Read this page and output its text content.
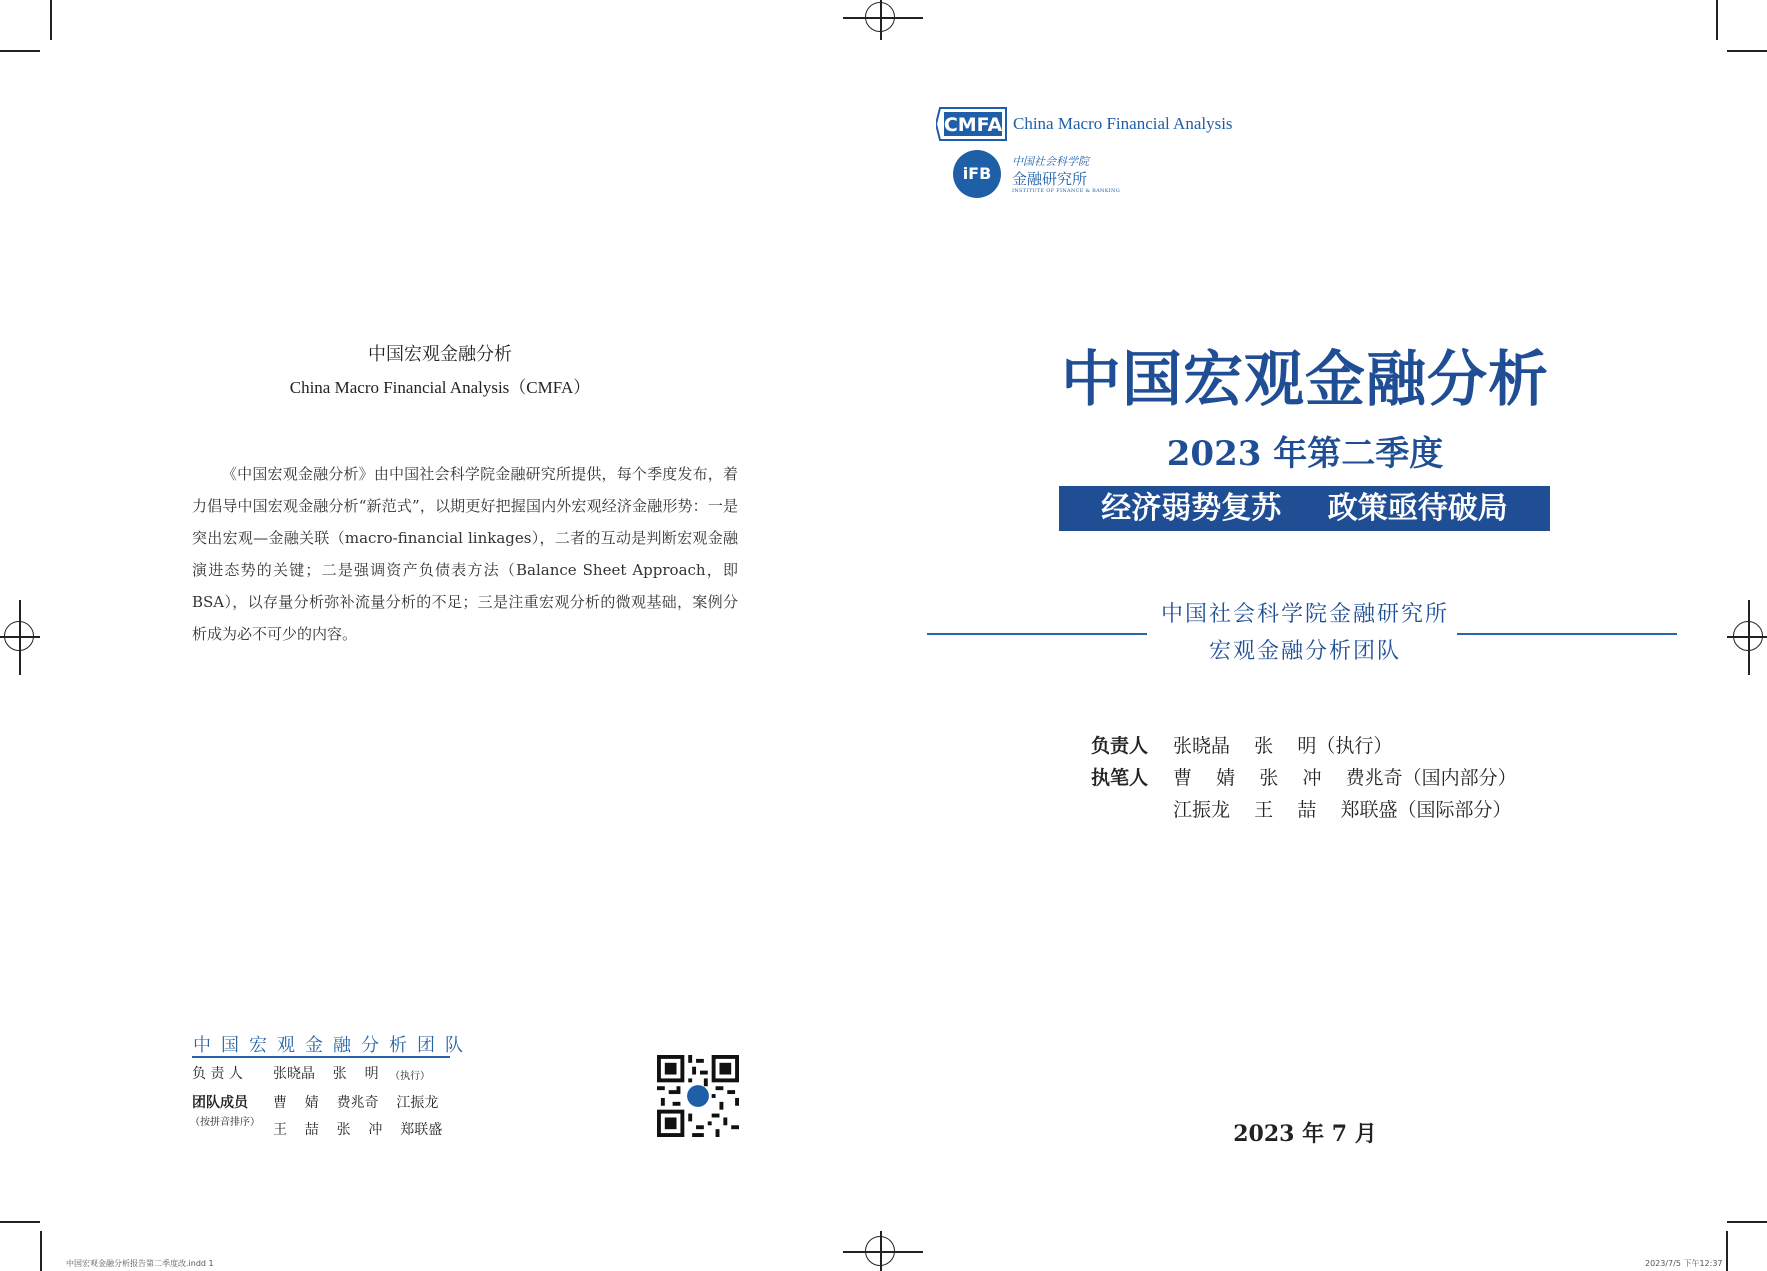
中国宏观金融分析
China Macro Financial Analysis（CMFA）

《中国宏观金融分析》由中国社会科学院金融研究所提供，每个季度发布，着力倡导中国宏观金融分析“新范式”，以期更好把握国内外宏观经济金融形势：一是突出宏观—金融关联（macro-financial linkages），二者的互动是判断宏观金融演进态势的关键；二是强调资产负债表方法（Balance Sheet Approach，即BSA），以存量分析弥补流量分析的不足；三是注重宏观分析的微观基础，案例分析成为必不可少的内容。

中国宏观金融分析团队
负 责 人 张晓晶    张    明 （执行）
团队成员
（按拼音排序）
曹    婧    费兆奇    江振龙
王    喆    张    冲    郑联盛
CMFA China Macro Financial Analysis
iFB
中国社会科学院
金融研究所
INSTITUTE OF FINANCE & BANKING
中国宏观金融分析
2023 年第二季度
经济弱势复苏 政策亟待破局
中国社会科学院金融研究所
宏观金融分析团队
负责人 张晓晶    张    明（执行）
执笔人 曹    婧    张    冲    费兆奇（国内部分）
江振龙    王    喆    郑联盛（国际部分）
2023 年 7 月
中国宏观金融分析报告第二季度改.indd 1	2023/7/5 下午12:37
